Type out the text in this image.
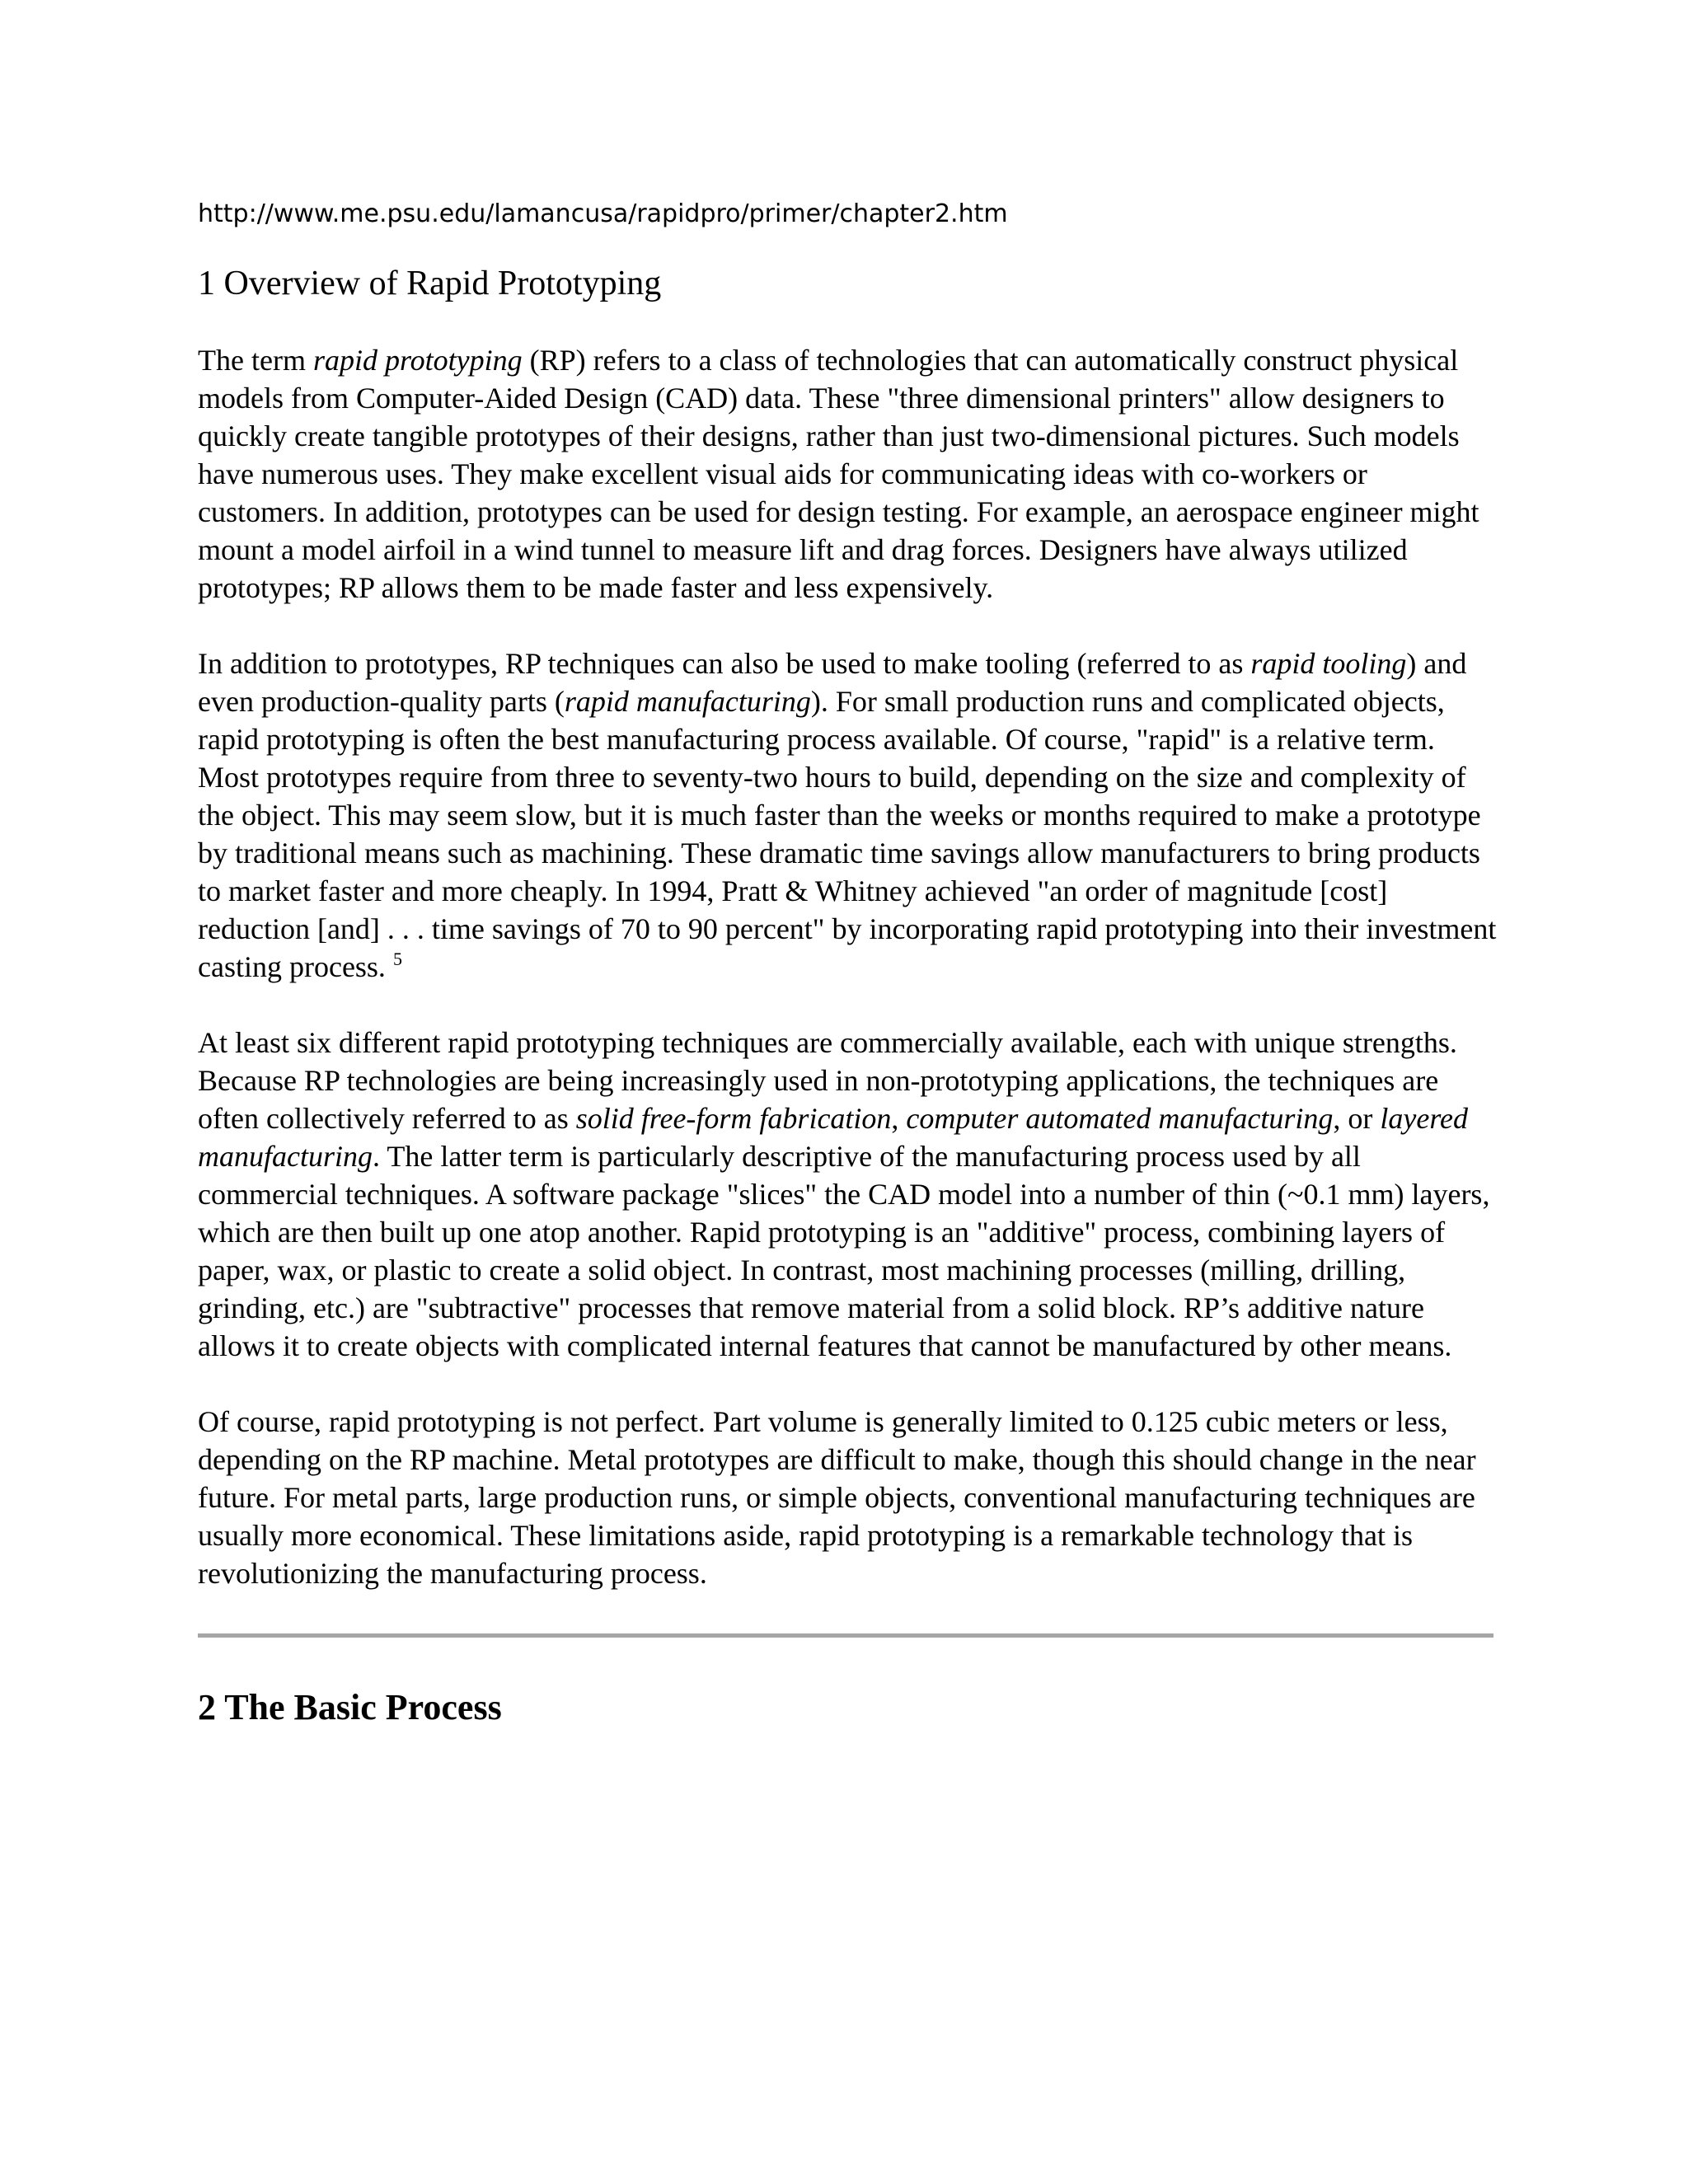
http://www.me.psu.edu/lamancusa/rapidpro/primer/chapter2.htm
1 Overview of Rapid Prototyping

The term rapid prototyping (RP) refers to a class of technologies that can automatically construct physical models from Computer-Aided Design (CAD) data. These "three dimensional printers" allow designers to quickly create tangible prototypes of their designs, rather than just two-dimensional pictures. Such models have numerous uses. They make excellent visual aids for communicating ideas with co-workers or customers. In addition, prototypes can be used for design testing. For example, an aerospace engineer might mount a model airfoil in a wind tunnel to measure lift and drag forces. Designers have always utilized prototypes; RP allows them to be made faster and less expensively.

In addition to prototypes, RP techniques can also be used to make tooling (referred to as rapid tooling) and even production-quality parts (rapid manufacturing). For small production runs and complicated objects, rapid prototyping is often the best manufacturing process available. Of course, "rapid" is a relative term. Most prototypes require from three to seventy-two hours to build, depending on the size and complexity of the object. This may seem slow, but it is much faster than the weeks or months required to make a prototype by traditional means such as machining. These dramatic time savings allow manufacturers to bring products to market faster and more cheaply. In 1994, Pratt & Whitney achieved "an order of magnitude [cost] reduction [and] . . . time savings of 70 to 90 percent" by incorporating rapid prototyping into their investment casting process. $^5$

At least six different rapid prototyping techniques are commercially available, each with unique strengths. Because RP technologies are being increasingly used in non-prototyping applications, the techniques are often collectively referred to as solid free-form fabrication, computer automated manufacturing, or layered manufacturing. The latter term is particularly descriptive of the manufacturing process used by all commercial techniques. A software package "slices" the CAD model into a number of thin (~0.1 mm) layers, which are then built up one atop another. Rapid prototyping is an "additive" process, combining layers of paper, wax, or plastic to create a solid object. In contrast, most machining processes (milling, drilling, grinding, etc.) are "subtractive" processes that remove material from a solid block. RP’s additive nature allows it to create objects with complicated internal features that cannot be manufactured by other means.

Of course, rapid prototyping is not perfect. Part volume is generally limited to 0.125 cubic meters or less, depending on the RP machine. Metal prototypes are difficult to make, though this should change in the near future. For metal parts, large production runs, or simple objects, conventional manufacturing techniques are usually more economical. These limitations aside, rapid prototyping is a remarkable technology that is revolutionizing the manufacturing process.

2 The Basic Process
